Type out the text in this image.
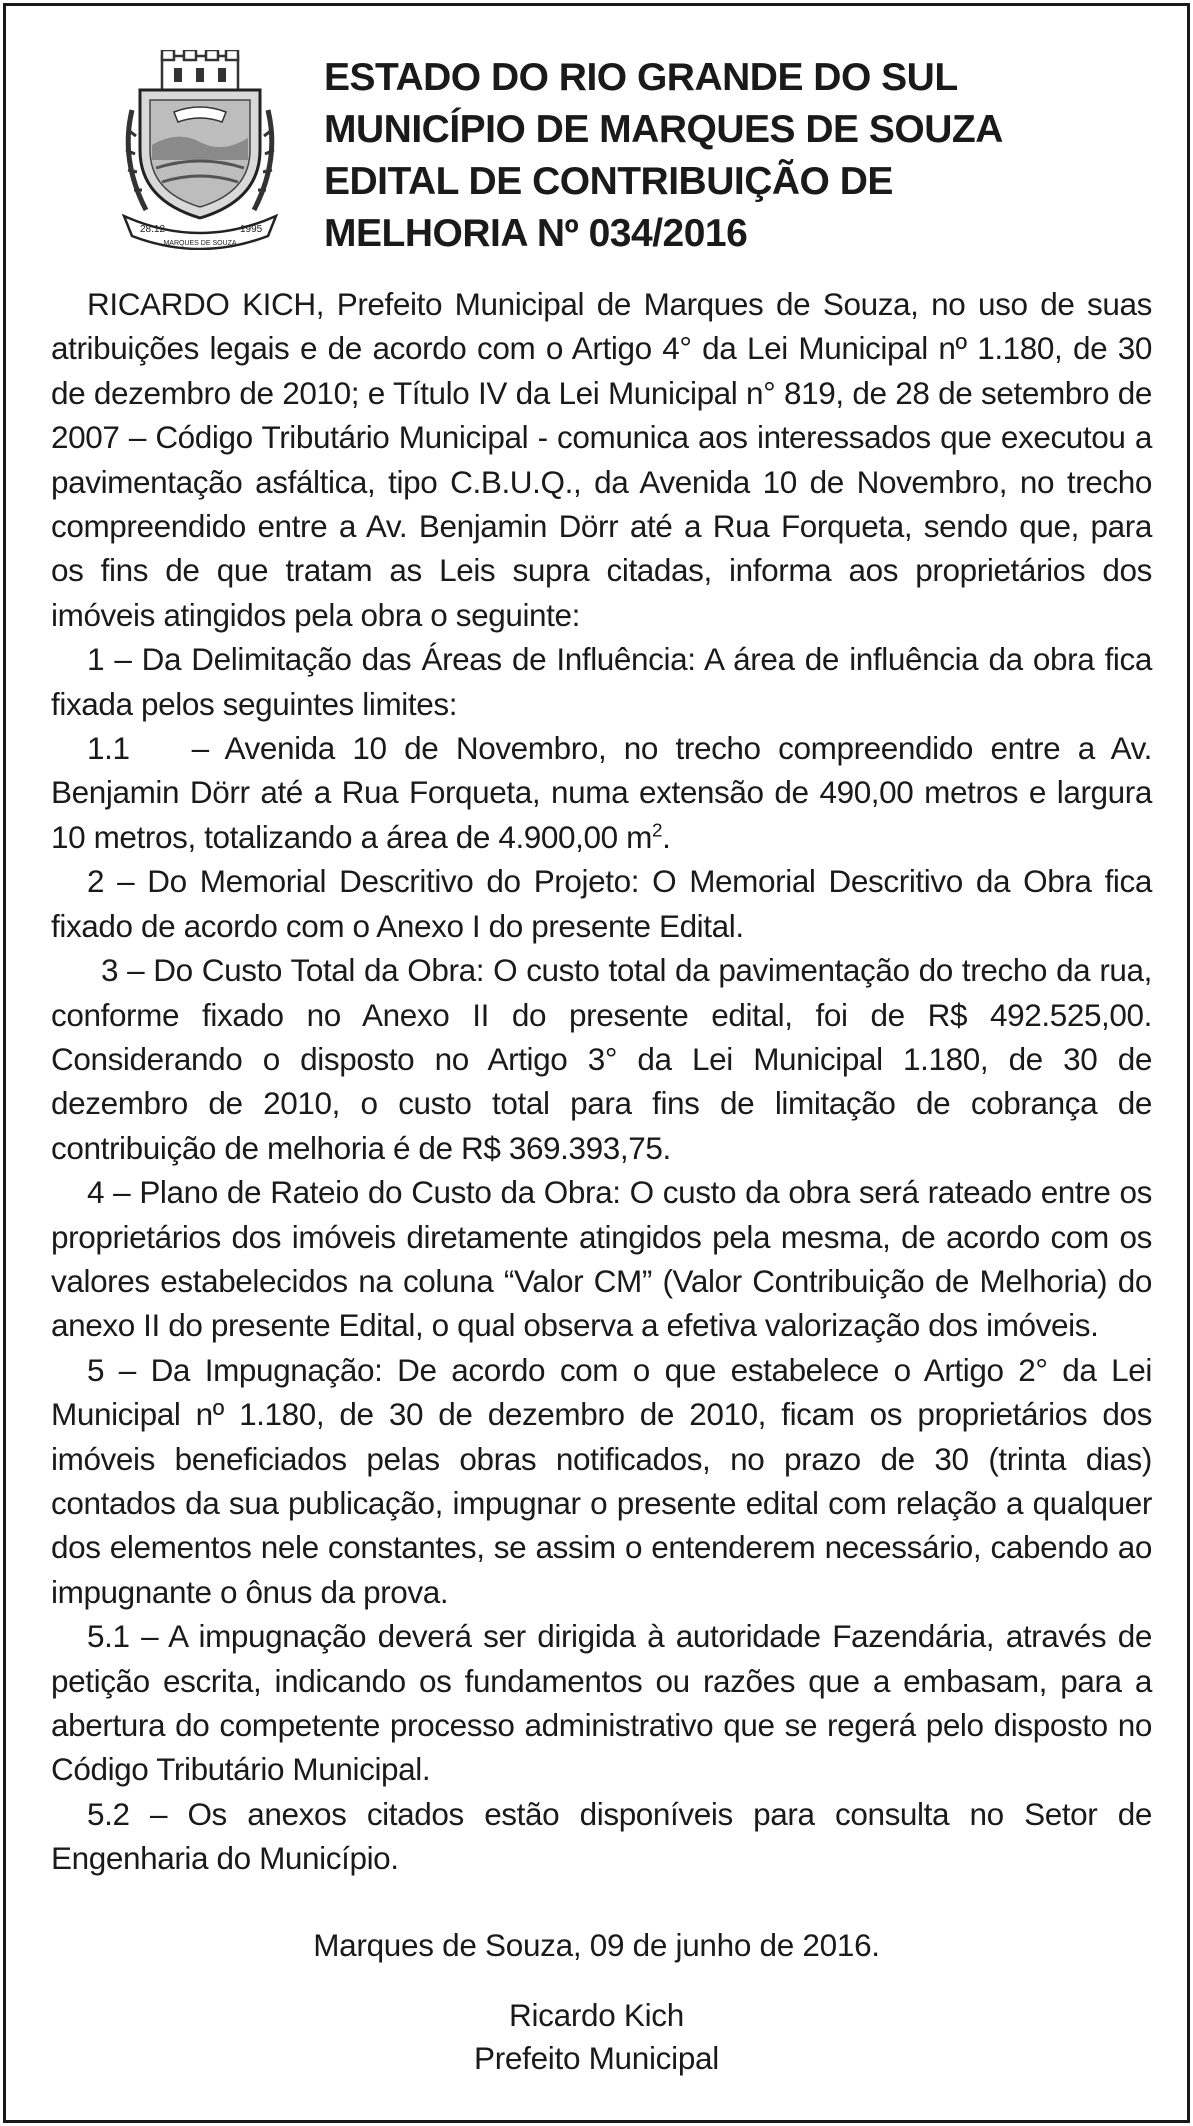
28.12	1995
MARQUES DE SOUZA
ESTADO DO RIO GRANDE DO SUL
MUNICÍPIO DE MARQUES DE SOUZA
EDITAL DE CONTRIBUIÇÃO DE
MELHORIA Nº 034/2016

RICARDO KICH, Prefeito Municipal de Marques de Souza, no uso de suas atribuições legais e de acordo com o Artigo 4° da Lei Municipal nº 1.180, de 30 de dezembro de 2010; e Título IV da Lei Municipal n° 819, de 28 de setembro de 2007 – Código Tributário Municipal - comunica aos interessados que executou a pavimentação asfáltica, tipo C.B.U.Q., da Avenida 10 de Novembro, no trecho compreendido entre a Av. Benjamin Dörr até a Rua Forqueta, sendo que, para os fins de que tratam as Leis supra citadas, informa aos proprietários dos imóveis atingidos pela obra o seguinte:

1 – Da Delimitação das Áreas de Influência: A área de influência da obra fica fixada pelos seguintes limites:

1.1 – Avenida 10 de Novembro, no trecho compreendido entre a Av. Benjamin Dörr até a Rua Forqueta, numa extensão de 490,00 metros e largura 10 metros, totalizando a área de 4.900,00 $m^2$.

2 – Do Memorial Descritivo do Projeto: O Memorial Descritivo da Obra fica fixado de acordo com o Anexo I do presente Edital.

3 – Do Custo Total da Obra: O custo total da pavimentação do trecho da rua, conforme fixado no Anexo II do presente edital, foi de R$ 492.525,00. Considerando o disposto no Artigo 3° da Lei Municipal 1.180, de 30 de dezembro de 2010, o custo total para fins de limitação de cobrança de contribuição de melhoria é de R$ 369.393,75.

4 – Plano de Rateio do Custo da Obra: O custo da obra será rateado entre os proprietários dos imóveis diretamente atingidos pela mesma, de acordo com os valores estabelecidos na coluna “Valor CM” (Valor Contribuição de Melhoria) do anexo II do presente Edital, o qual observa a efetiva valorização dos imóveis.

5 – Da Impugnação: De acordo com o que estabelece o Artigo 2° da Lei Municipal nº 1.180, de 30 de dezembro de 2010, ficam os proprietários dos imóveis beneficiados pelas obras notificados, no prazo de 30 (trinta dias) contados da sua publicação, impugnar o presente edital com relação a qualquer dos elementos nele constantes, se assim o entenderem necessário, cabendo ao impugnante o ônus da prova.

5.1 – A impugnação deverá ser dirigida à autoridade Fazendária, através de petição escrita, indicando os fundamentos ou razões que a embasam, para a abertura do competente processo administrativo que se regerá pelo disposto no Código Tributário Municipal.

5.2 – Os anexos citados estão disponíveis para consulta no Setor de Engenharia do Município.

Marques de Souza, 09 de junho de 2016.
Ricardo Kich
Prefeito Municipal
